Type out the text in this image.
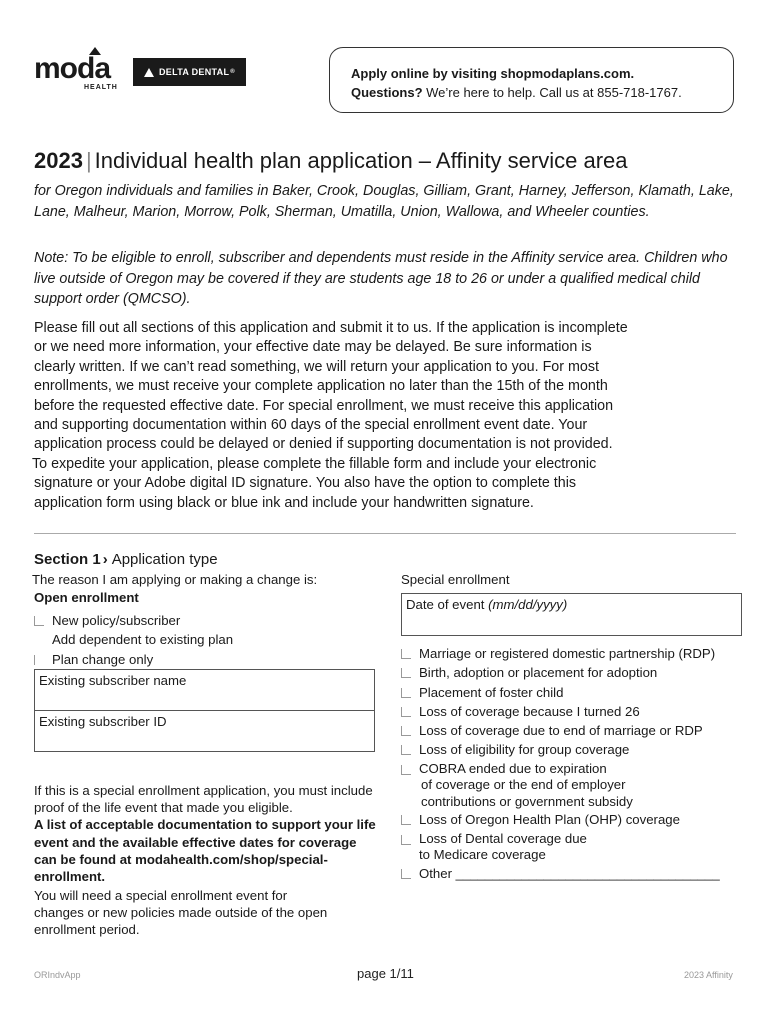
moda
HEALTH
DELTA DENTAL ®	Apply online by visiting shopmodaplans.com.
Questions? We’re here to help. Call us at 855-718-1767.
2023 | Individual health plan application – Affinity service area
for Oregon individuals and families in Baker, Crook, Douglas, Gilliam, Grant, Harney, Jefferson, Klamath, Lake, Lane, Malheur, Marion, Morrow, Polk, Sherman, Umatilla, Union, Wallowa, and Wheeler counties.
Note: To be eligible to enroll, subscriber and dependents must reside in the Affinity service area. Children who live outside of Oregon may be covered if they are students age 18 to 26 or under a qualified medical child support order (QMCSO).
Please fill out all sections of this application and submit it to us. If the application is incomplete
or we need more information, your effective date may be delayed. Be sure information is
clearly written. If we can’t read something, we will return your application to you. For most
enrollments, we must receive your complete application no later than the 15th of the month
before the requested effective date. For special enrollment, we must receive this application
and supporting documentation within 60 days of the special enrollment event date. Your
application process could be delayed or denied if supporting documentation is not provided.
To expedite your application, please complete the fillable form and include your electronic
signature or your Adobe digital ID signature. You also have the option to complete this
application form using black or blue ink and include your handwritten signature.
Section 1 › Application type
The reason I am applying or making a change is:
Open enrollment
New policy/subscriber
Add dependent to existing plan
Plan change only
Existing subscriber name
Existing subscriber ID
If this is a special enrollment application, you must include proof of the life event that made you eligible.
A list of acceptable documentation to support your life event and the available effective dates for coverage can be found at modahealth.com/shop/special-enrollment.
You will need a special enrollment event for changes or new policies made outside of the open enrollment period.
Special enrollment
Date of event (mm/dd/yyyy)
Marriage or registered domestic partnership (RDP)
Birth, adoption or placement for adoption
Placement of foster child
Loss of coverage because I turned 26
Loss of coverage due to end of marriage or RDP
Loss of eligibility for group coverage
COBRA ended due to expiration
of coverage or the end of employer
contributions or government subsidy
Loss of Oregon Health Plan (OHP) coverage
Loss of Dental coverage due
to Medicare coverage
Other ____________________________________
ORIndvApp	page 1/11	2023 Affinity
